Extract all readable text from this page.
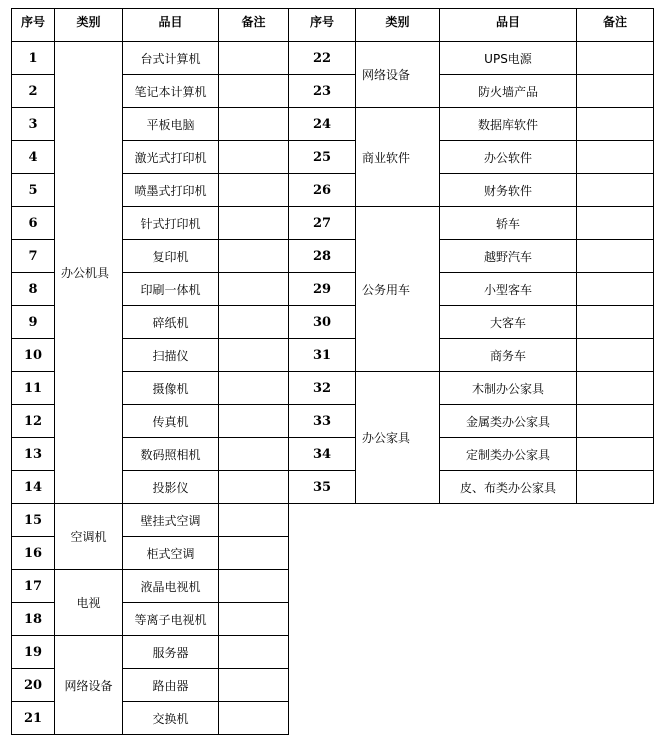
序号	类别	品目	备注	序号	类别	品目	备注
1	办公机具	台式计算机		22	网络设备	UPS电源	
2		笔记本计算机		23		防火墙产品	
3		平板电脑		24	商业软件	数据库软件	
4		激光式打印机		25		办公软件	
5		喷墨式打印机		26		财务软件	
6		针式打印机		27	公务用车	轿车	
7		复印机		28		越野汽车	
8		印刷一体机		29		小型客车	
9		碎纸机		30		大客车	
10		扫描仪		31		商务车	
11		摄像机		32	办公家具	木制办公家具	
12		传真机		33		金属类办公家具	
13		数码照相机		34		定制类办公家具	
14		投影仪		35		皮、布类办公家具	
15	空调机	壁挂式空调					
16		柜式空调					
17	电视	液晶电视机					
18		等离子电视机					
19	网络设备	服务器					
20		路由器					
21		交换机					
